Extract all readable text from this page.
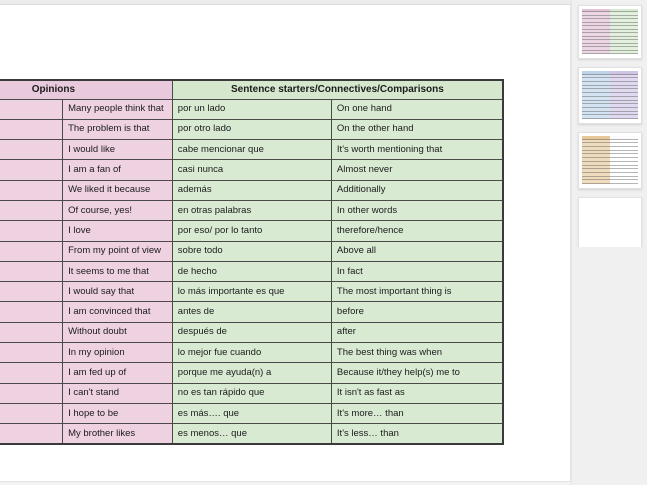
Opinions		Sentence starters/Connectives/Comparisons	
	Many people think that	por un lado	On one hand
	The problem is that	por otro lado	On the other hand
	I would like	cabe mencionar que	It's worth mentioning that
	I am a fan of	casi nunca	Almost never
	We liked it because	además	Additionally
	Of course, yes!	en otras palabras	In other words
	I love	por eso/ por lo tanto	therefore/hence
	From my point of view	sobre todo	Above all
	It seems to me that	de hecho	In fact
	I would say that	lo más importante es que	The most important thing is
	I am convinced that	antes de	before
	Without doubt	después de	after
	In my opinion	lo mejor fue cuando	The best thing was when
	I am fed up of	porque me ayuda(n) a	Because it/they help(s) me to
	I can't stand	no es tan rápido que	It isn't as fast as
	I hope to be	es más…. que	It's more… than
	My brother likes	es menos… que	It's less… than
